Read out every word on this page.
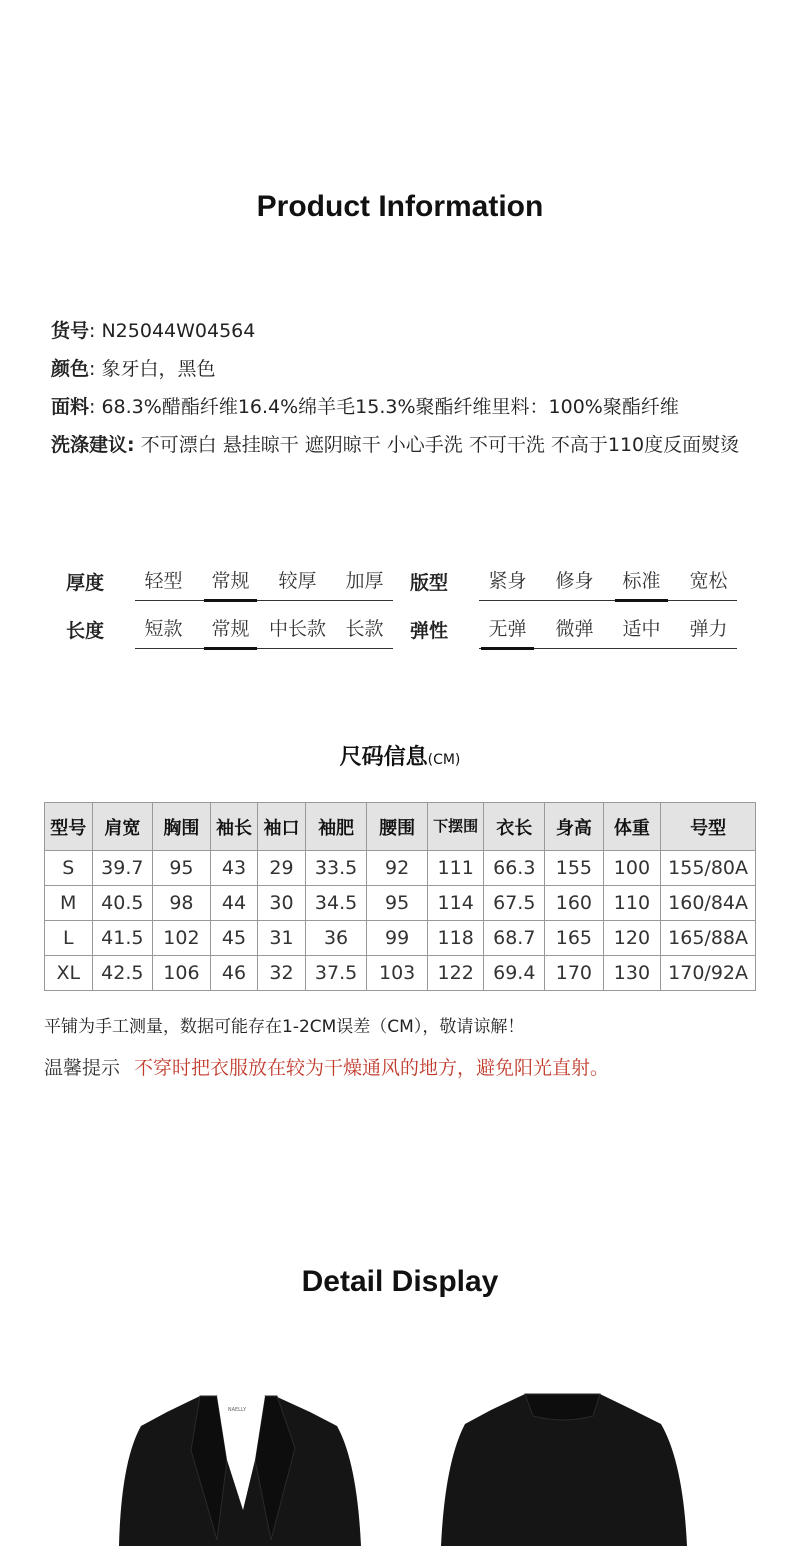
Product Information
货号: N25044W04564
颜色: 象牙白，黑色
面料: 68.3%醋酯纤维16.4%绵羊毛15.3%聚酯纤维里料：100%聚酯纤维
洗涤建议: 不可漂白 悬挂晾干 遮阴晾干 小心手洗 不可干洗 不高于110度反面熨烫
厚度	轻型	常规	较厚	加厚	版型	紧身	修身	标准	宽松
长度	短款	常规	中长款	长款	弹性	无弹	微弹	适中	弹力
尺码信息(CM)
型号	肩宽	胸围	袖长	袖口	袖肥	腰围	下摆围	衣长	身高	体重	号型
S	39.7	95	43	29	33.5	92	111	66.3	155	100	155/80A
M	40.5	98	44	30	34.5	95	114	67.5	160	110	160/84A
L	41.5	102	45	31	36	99	118	68.7	165	120	165/88A
XL	42.5	106	46	32	37.5	103	122	69.4	170	130	170/92A
平铺为手工测量，数据可能存在1-2CM误差（CM），敬请谅解！
温馨提示 不穿时把衣服放在较为干燥通风的地方，避免阳光直射。
Detail Display
NAELLY
